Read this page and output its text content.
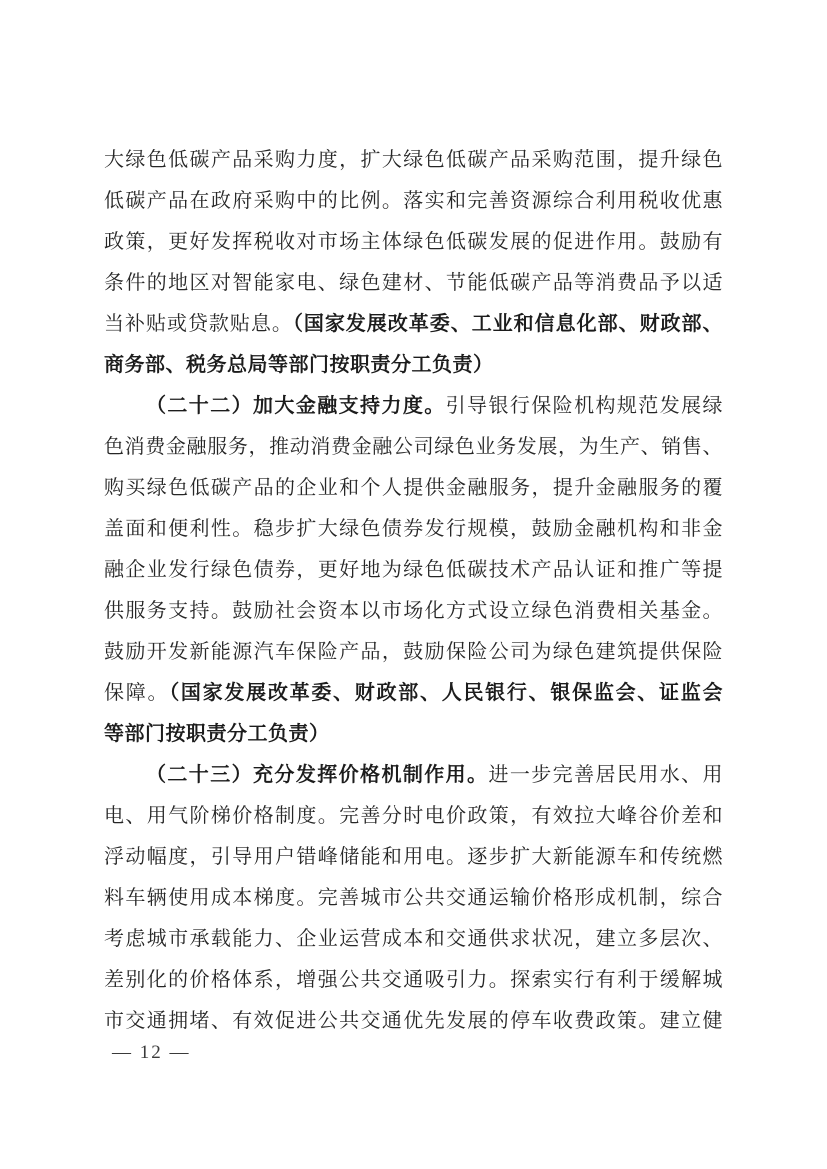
大绿色低碳产品采购力度，扩大绿色低碳产品采购范围，提升绿色
低碳产品在政府采购中的比例。落实和完善资源综合利用税收优惠
政策，更好发挥税收对市场主体绿色低碳发展的促进作用。鼓励有
条件的地区对智能家电、绿色建材、节能低碳产品等消费品予以适
当补贴或贷款贴息。（国家发展改革委、工业和信息化部、财政部、
商务部、税务总局等部门按职责分工负责）
（二十二）加大金融支持力度。引导银行保险机构规范发展绿
色消费金融服务，推动消费金融公司绿色业务发展，为生产、销售、
购买绿色低碳产品的企业和个人提供金融服务，提升金融服务的覆
盖面和便利性。稳步扩大绿色债券发行规模，鼓励金融机构和非金
融企业发行绿色债券，更好地为绿色低碳技术产品认证和推广等提
供服务支持。鼓励社会资本以市场化方式设立绿色消费相关基金。
鼓励开发新能源汽车保险产品，鼓励保险公司为绿色建筑提供保险
保障。（国家发展改革委、财政部、人民银行、银保监会、证监会
等部门按职责分工负责）
（二十三）充分发挥价格机制作用。进一步完善居民用水、用
电、用气阶梯价格制度。完善分时电价政策，有效拉大峰谷价差和
浮动幅度，引导用户错峰储能和用电。逐步扩大新能源车和传统燃
料车辆使用成本梯度。完善城市公共交通运输价格形成机制，综合
考虑城市承载能力、企业运营成本和交通供求状况，建立多层次、
差别化的价格体系，增强公共交通吸引力。探索实行有利于缓解城
市交通拥堵、有效促进公共交通优先发展的停车收费政策。建立健
— 12 —
